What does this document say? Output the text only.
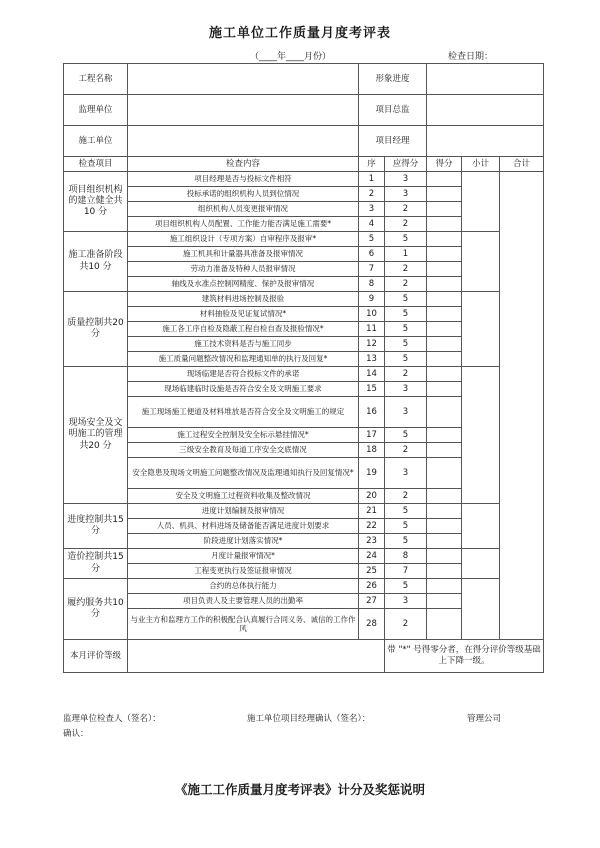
施工单位工作质量月度考评表
（____年____月份）	检查日期：
工程名称		形象进度				
监理单位		项目总监				
施工单位		项目经理				
检查项目	检查内容	序	应得分	得分	小计	合计
项目组织机构的建立健全共 10 分	项目经理是否与投标文件相符	1	3			
	投标承诺的组织机构人员到位情况	2	3			
	组织机构人员变更报审情况	3	2			
	项目组织机构人员配置、工作能力能否满足施工需要*	4	2			
施工准备阶段共10 分	施工组织设计（专项方案）自审程序及报审*	5	5			
	施工机具和计量器具准备及报审情况	6	1			
	劳动力准备及特种人员报审情况	7	2			
	轴线及水准点控制网精度、保护及报审情况	8	2			
质量控制共20 分	建筑材料进场控制及报验	9	5			
	材料抽验及见证复试情况*	10	5			
	施工各工序自检及隐蔽工程自检自查及报验情况*	11	5			
	施工技术资料是否与施工同步	12	5			
	施工质量问题整改情况和监理通知单的执行及回复*	13	5			
现场安全及文明施工的管理共20 分	现场临建是否符合投标文件的承诺	14	2			
	现场临建临时设施是否符合安全及文明施工要求	15	3			
	施工现场施工便道及材料堆放是否符合安全及文明施工的规定	16	3			
	施工过程安全控制及安全标示悬挂情况*	17	5			
	三级安全教育及每道工序安全交底情况	18	2			
	安全隐患及现场文明施工问题整改情况及监理通知执行及回复情况*	19	3			
	安全及文明施工过程资料收集及整改情况	20	2			
进度控制共15 分	进度计划编制及报审情况	21	5			
	人员、机具、材料进场及储备能否满足进度计划要求	22	5			
	阶段进度计划落实情况*	23	5			
造价控制共15 分	月度计量报审情况*	24	8			
	工程变更执行及签证报审情况	25	7			
履约服务共10 分	合约的总体执行能力	26	5			
	项目负责人及主要管理人员的出勤率	27	3			
	与业主方和监理方工作的积极配合认真履行合同义务、诚信的工作作风	28	2			
本月评价等级			带 "*" 号得零分者，在得分评价等级基础上下降一级。			
监理单位检查人（签名）：	施工单位项目经理确认（签名）：	管理公司
确认：
《施工工作质量月度考评表》计分及奖惩说明
